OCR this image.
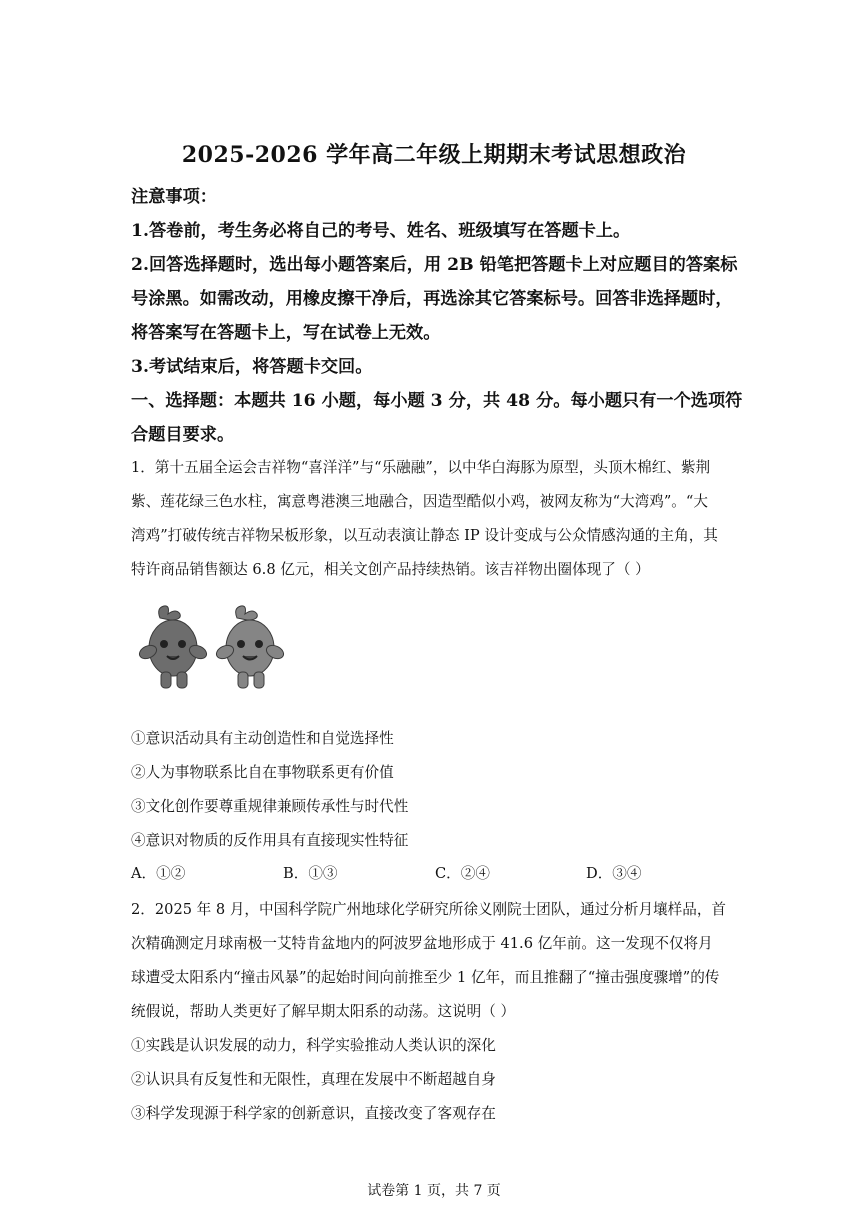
2025-2026 学年高二年级上期期末考试思想政治
注意事项：
1.答卷前，考生务必将自己的考号、姓名、班级填写在答题卡上。
2.回答选择题时，选出每小题答案后，用 2B 铅笔把答题卡上对应题目的答案标
号涂黑。如需改动，用橡皮擦干净后，再选涂其它答案标号。回答非选择题时，
将答案写在答题卡上，写在试卷上无效。
3.考试结束后，将答题卡交回。
一、选择题：本题共 16 小题，每小题 3 分，共 48 分。每小题只有一个选项符
合题目要求。
1．第十五届全运会吉祥物“喜洋洋”与“乐融融”，以中华白海豚为原型，头顶木棉红、紫荆
紫、莲花绿三色水柱，寓意粤港澳三地融合，因造型酷似小鸡，被网友称为“大湾鸡”。“大
湾鸡”打破传统吉祥物呆板形象，以互动表演让静态 IP 设计变成与公众情感沟通的主角，其
特许商品销售额达 6.8 亿元，相关文创产品持续热销。该吉祥物出圈体现了（ ）
①意识活动具有主动创造性和自觉选择性
②人为事物联系比自在事物联系更有价值
③文化创作要尊重规律兼顾传承性与时代性
④意识对物质的反作用具有直接现实性特征
A．①②	B．①③	C．②④	D．③④
2．2025 年 8 月，中国科学院广州地球化学研究所徐义刚院士团队，通过分析月壤样品，首
次精确测定月球南极一艾特肯盆地内的阿波罗盆地形成于 41.6 亿年前。这一发现不仅将月
球遭受太阳系内“撞击风暴”的起始时间向前推至少 1 亿年，而且推翻了“撞击强度骤增”的传
统假说，帮助人类更好了解早期太阳系的动荡。这说明（ ）
①实践是认识发展的动力，科学实验推动人类认识的深化
②认识具有反复性和无限性，真理在发展中不断超越自身
③科学发现源于科学家的创新意识，直接改变了客观存在
试卷第 1 页，共 7 页
